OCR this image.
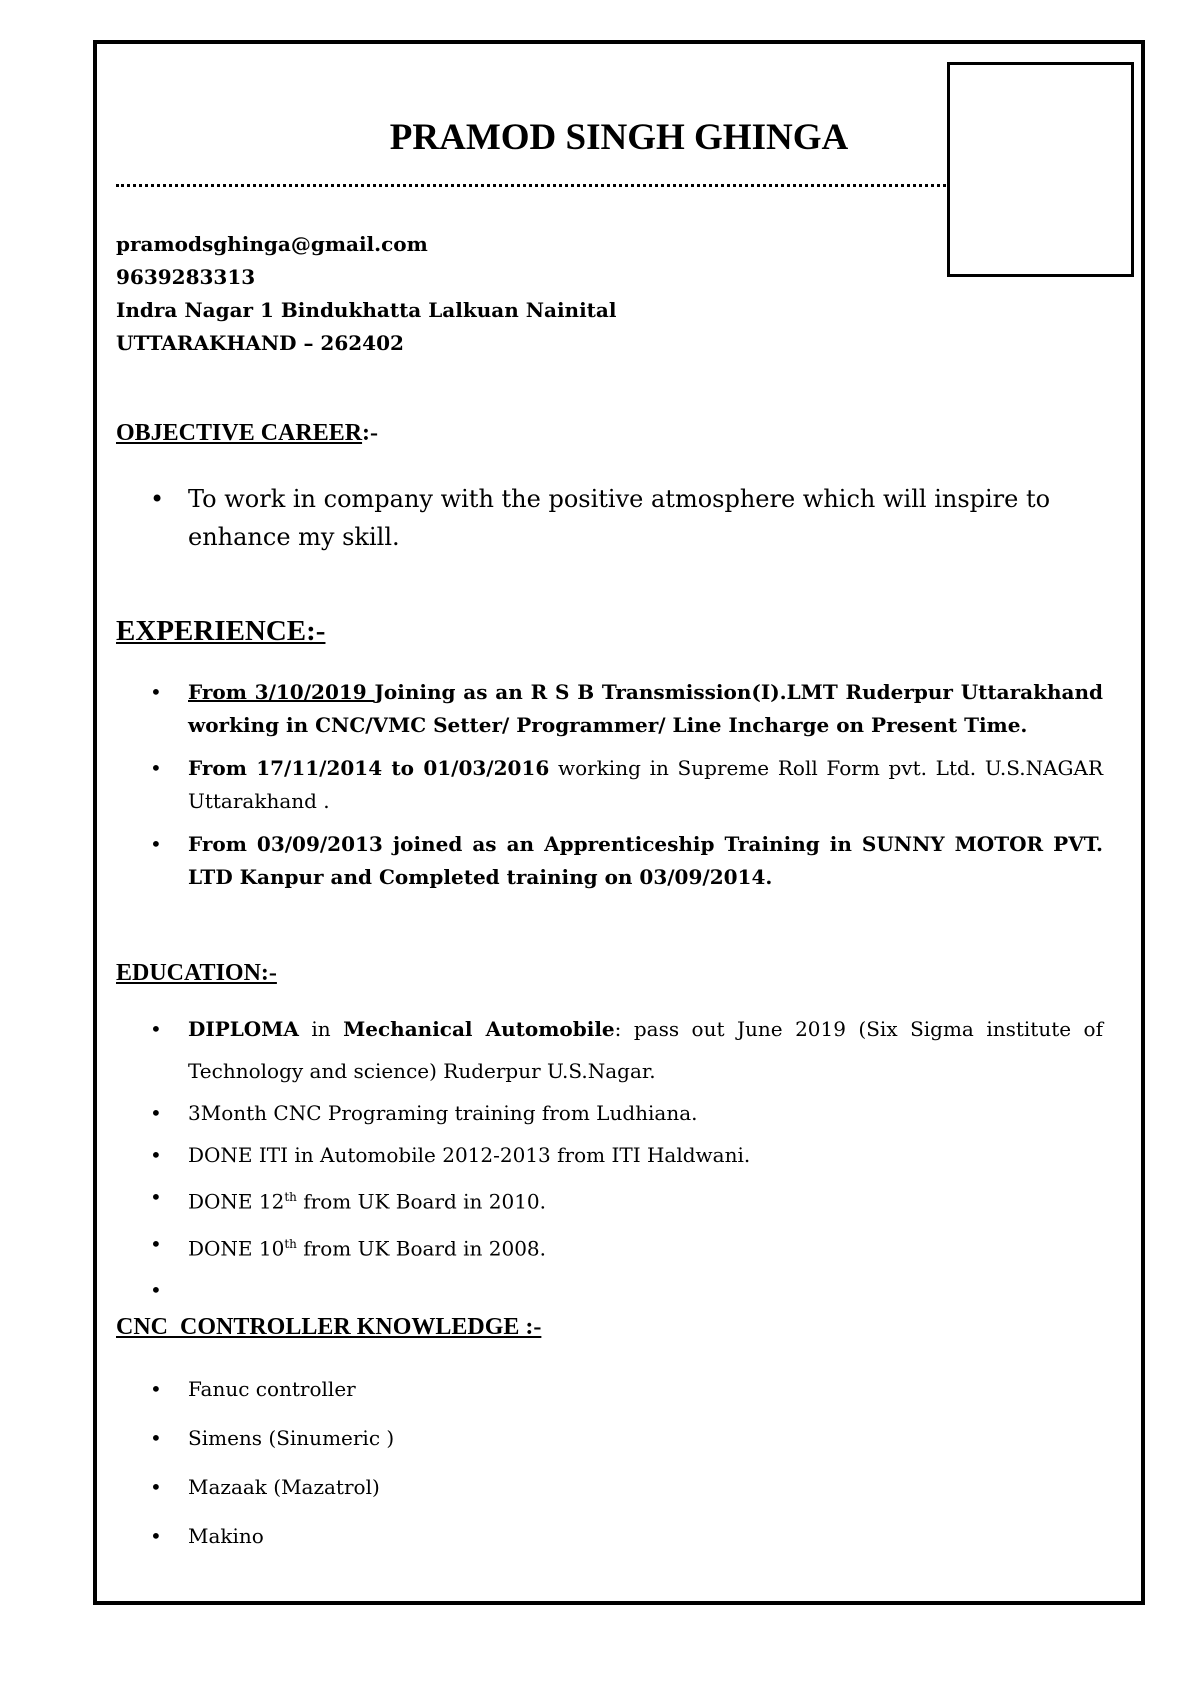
PRAMOD SINGH GHINGA
pramodsghinga@gmail.com
9639283313
Indra Nagar 1 Bindukhatta Lalkuan Nainital
UTTARAKHAND – 262402
OBJECTIVE CAREER:-
• To work in company with the positive atmosphere which will inspire to enhance my skill.
EXPERIENCE:-
• From 3/10/2019 Joining as an R S B Transmission(I).LMT Ruderpur Uttarakhand working in CNC/VMC Setter/ Programmer/ Line Incharge on Present Time.
• From 17/11/2014 to 01/03/2016 working in Supreme Roll Form pvt. Ltd. U.S.NAGAR Uttarakhand .
• From 03/09/2013 joined as an Apprenticeship Training in SUNNY MOTOR PVT. LTD Kanpur and Completed training on 03/09/2014.
EDUCATION:-
• DIPLOMA in Mechanical Automobile: pass out June 2019 (Six Sigma institute of Technology and science) Ruderpur U.S.Nagar.
• 3Month CNC Programing training from Ludhiana.
• DONE ITI in Automobile 2012-2013 from ITI Haldwani.
• DONE 12th from UK Board in 2010.
• DONE 10th from UK Board in 2008.
•

CNC  CONTROLLER KNOWLEDGE :-
• Fanuc controller
• Simens (Sinumeric )
• Mazaak (Mazatrol)
• Makino
